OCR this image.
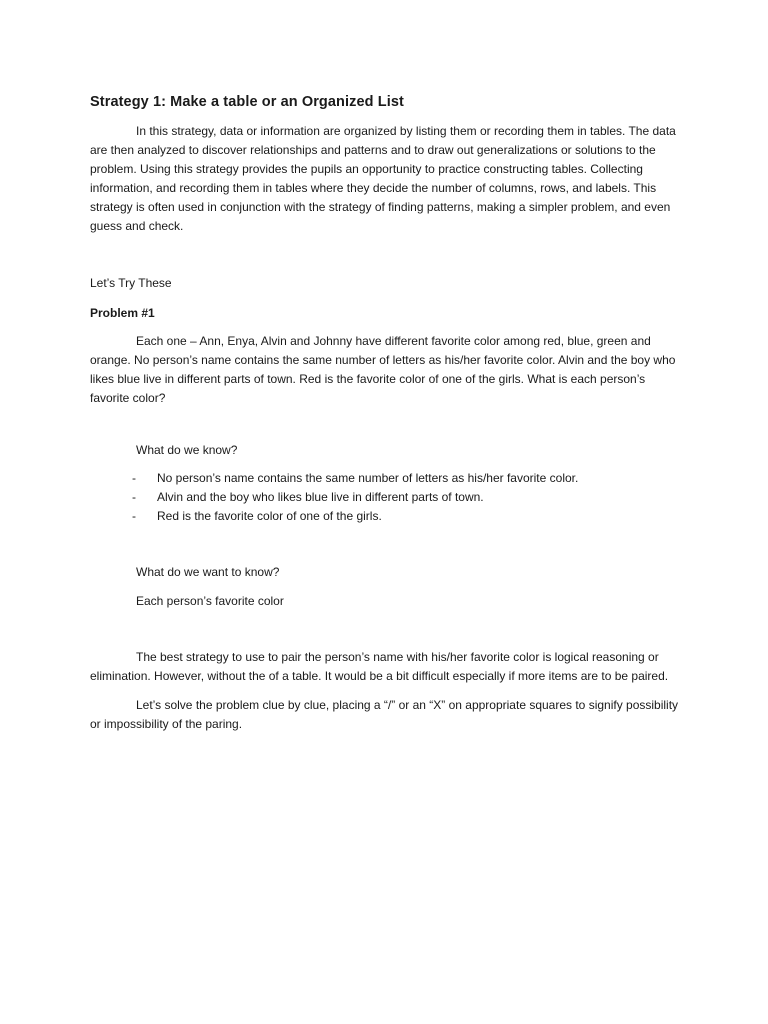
Strategy 1: Make a table or an Organized List

In this strategy, data or information are organized by listing them or recording them in tables. The data are then analyzed to discover relationships and patterns and to draw out generalizations or solutions to the problem. Using this strategy provides the pupils an opportunity to practice constructing tables. Collecting information, and recording them in tables where they decide the number of columns, rows, and labels. This strategy is often used in conjunction with the strategy of finding patterns, making a simpler problem, and even guess and check.

Let’s Try These

Problem #1

Each one – Ann, Enya, Alvin and Johnny have different favorite color among red, blue, green and orange. No person’s name contains the same number of letters as his/her favorite color. Alvin and the boy who likes blue live in different parts of town. Red is the favorite color of one of the girls. What is each person’s favorite color?

What do we know?

-	No person’s name contains the same number of letters as his/her favorite color.
-	Alvin and the boy who likes blue live in different parts of town.
-	Red is the favorite color of one of the girls.

What do we want to know?

Each person’s favorite color

The best strategy to use to pair the person’s name with his/her favorite color is logical reasoning or elimination. However, without the of a table. It would be a bit difficult especially if more items are to be paired.

Let’s solve the problem clue by clue, placing a “/” or an “X” on appropriate squares to signify possibility or impossibility of the paring.
